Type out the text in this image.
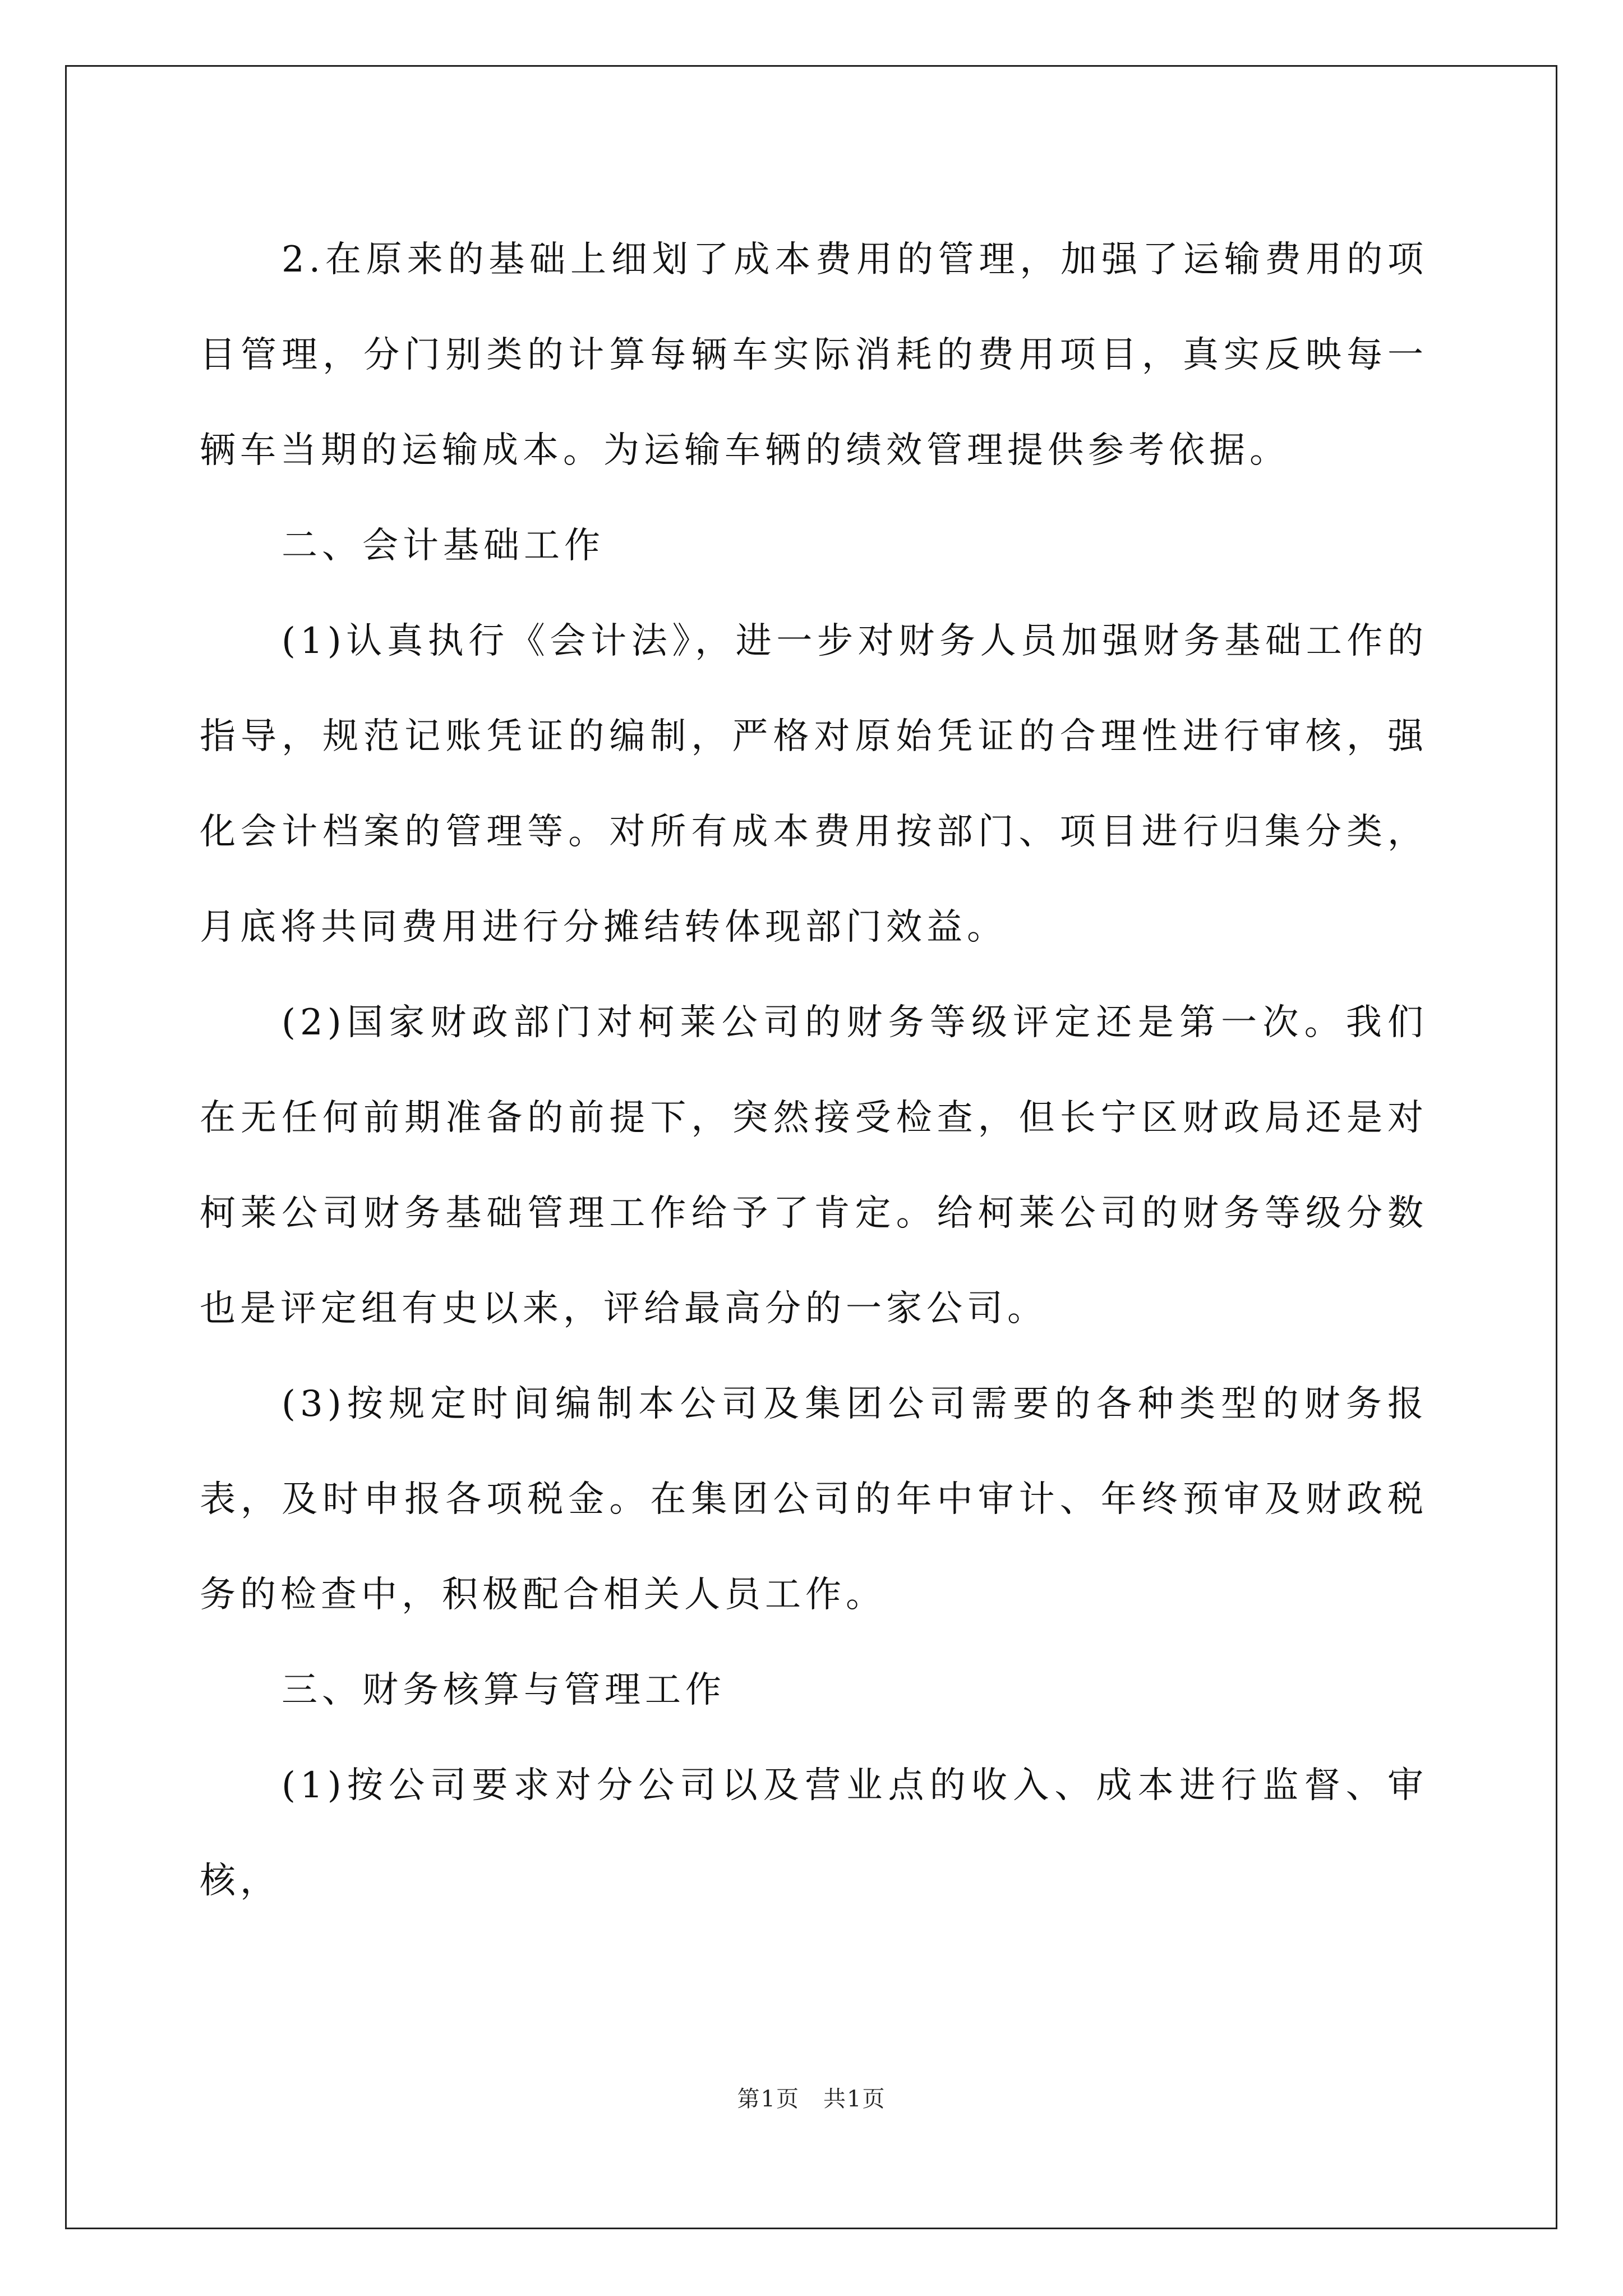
2.在原来的基础上细划了成本费用的管理，加强了运输费用的项目管理，分门别类的计算每辆车实际消耗的费用项目，真实反映每一辆车当期的运输成本。为运输车辆的绩效管理提供参考依据。

二、会计基础工作

(1)认真执行《会计法》，进一步对财务人员加强财务基础工作的指导，规范记账凭证的编制，严格对原始凭证的合理性进行审核，强化会计档案的管理等。对所有成本费用按部门、项目进行归集分类，月底将共同费用进行分摊结转体现部门效益。

(2)国家财政部门对柯莱公司的财务等级评定还是第一次。我们在无任何前期准备的前提下，突然接受检查，但长宁区财政局还是对柯莱公司财务基础管理工作给予了肯定。给柯莱公司的财务等级分数也是评定组有史以来，评给最高分的一家公司。

(3)按规定时间编制本公司及集团公司需要的各种类型的财务报表，及时申报各项税金。在集团公司的年中审计、年终预审及财政税务的检查中，积极配合相关人员工作。

三、财务核算与管理工作

(1)按公司要求对分公司以及营业点的收入、成本进行监督、审核，

第1页　共1页
